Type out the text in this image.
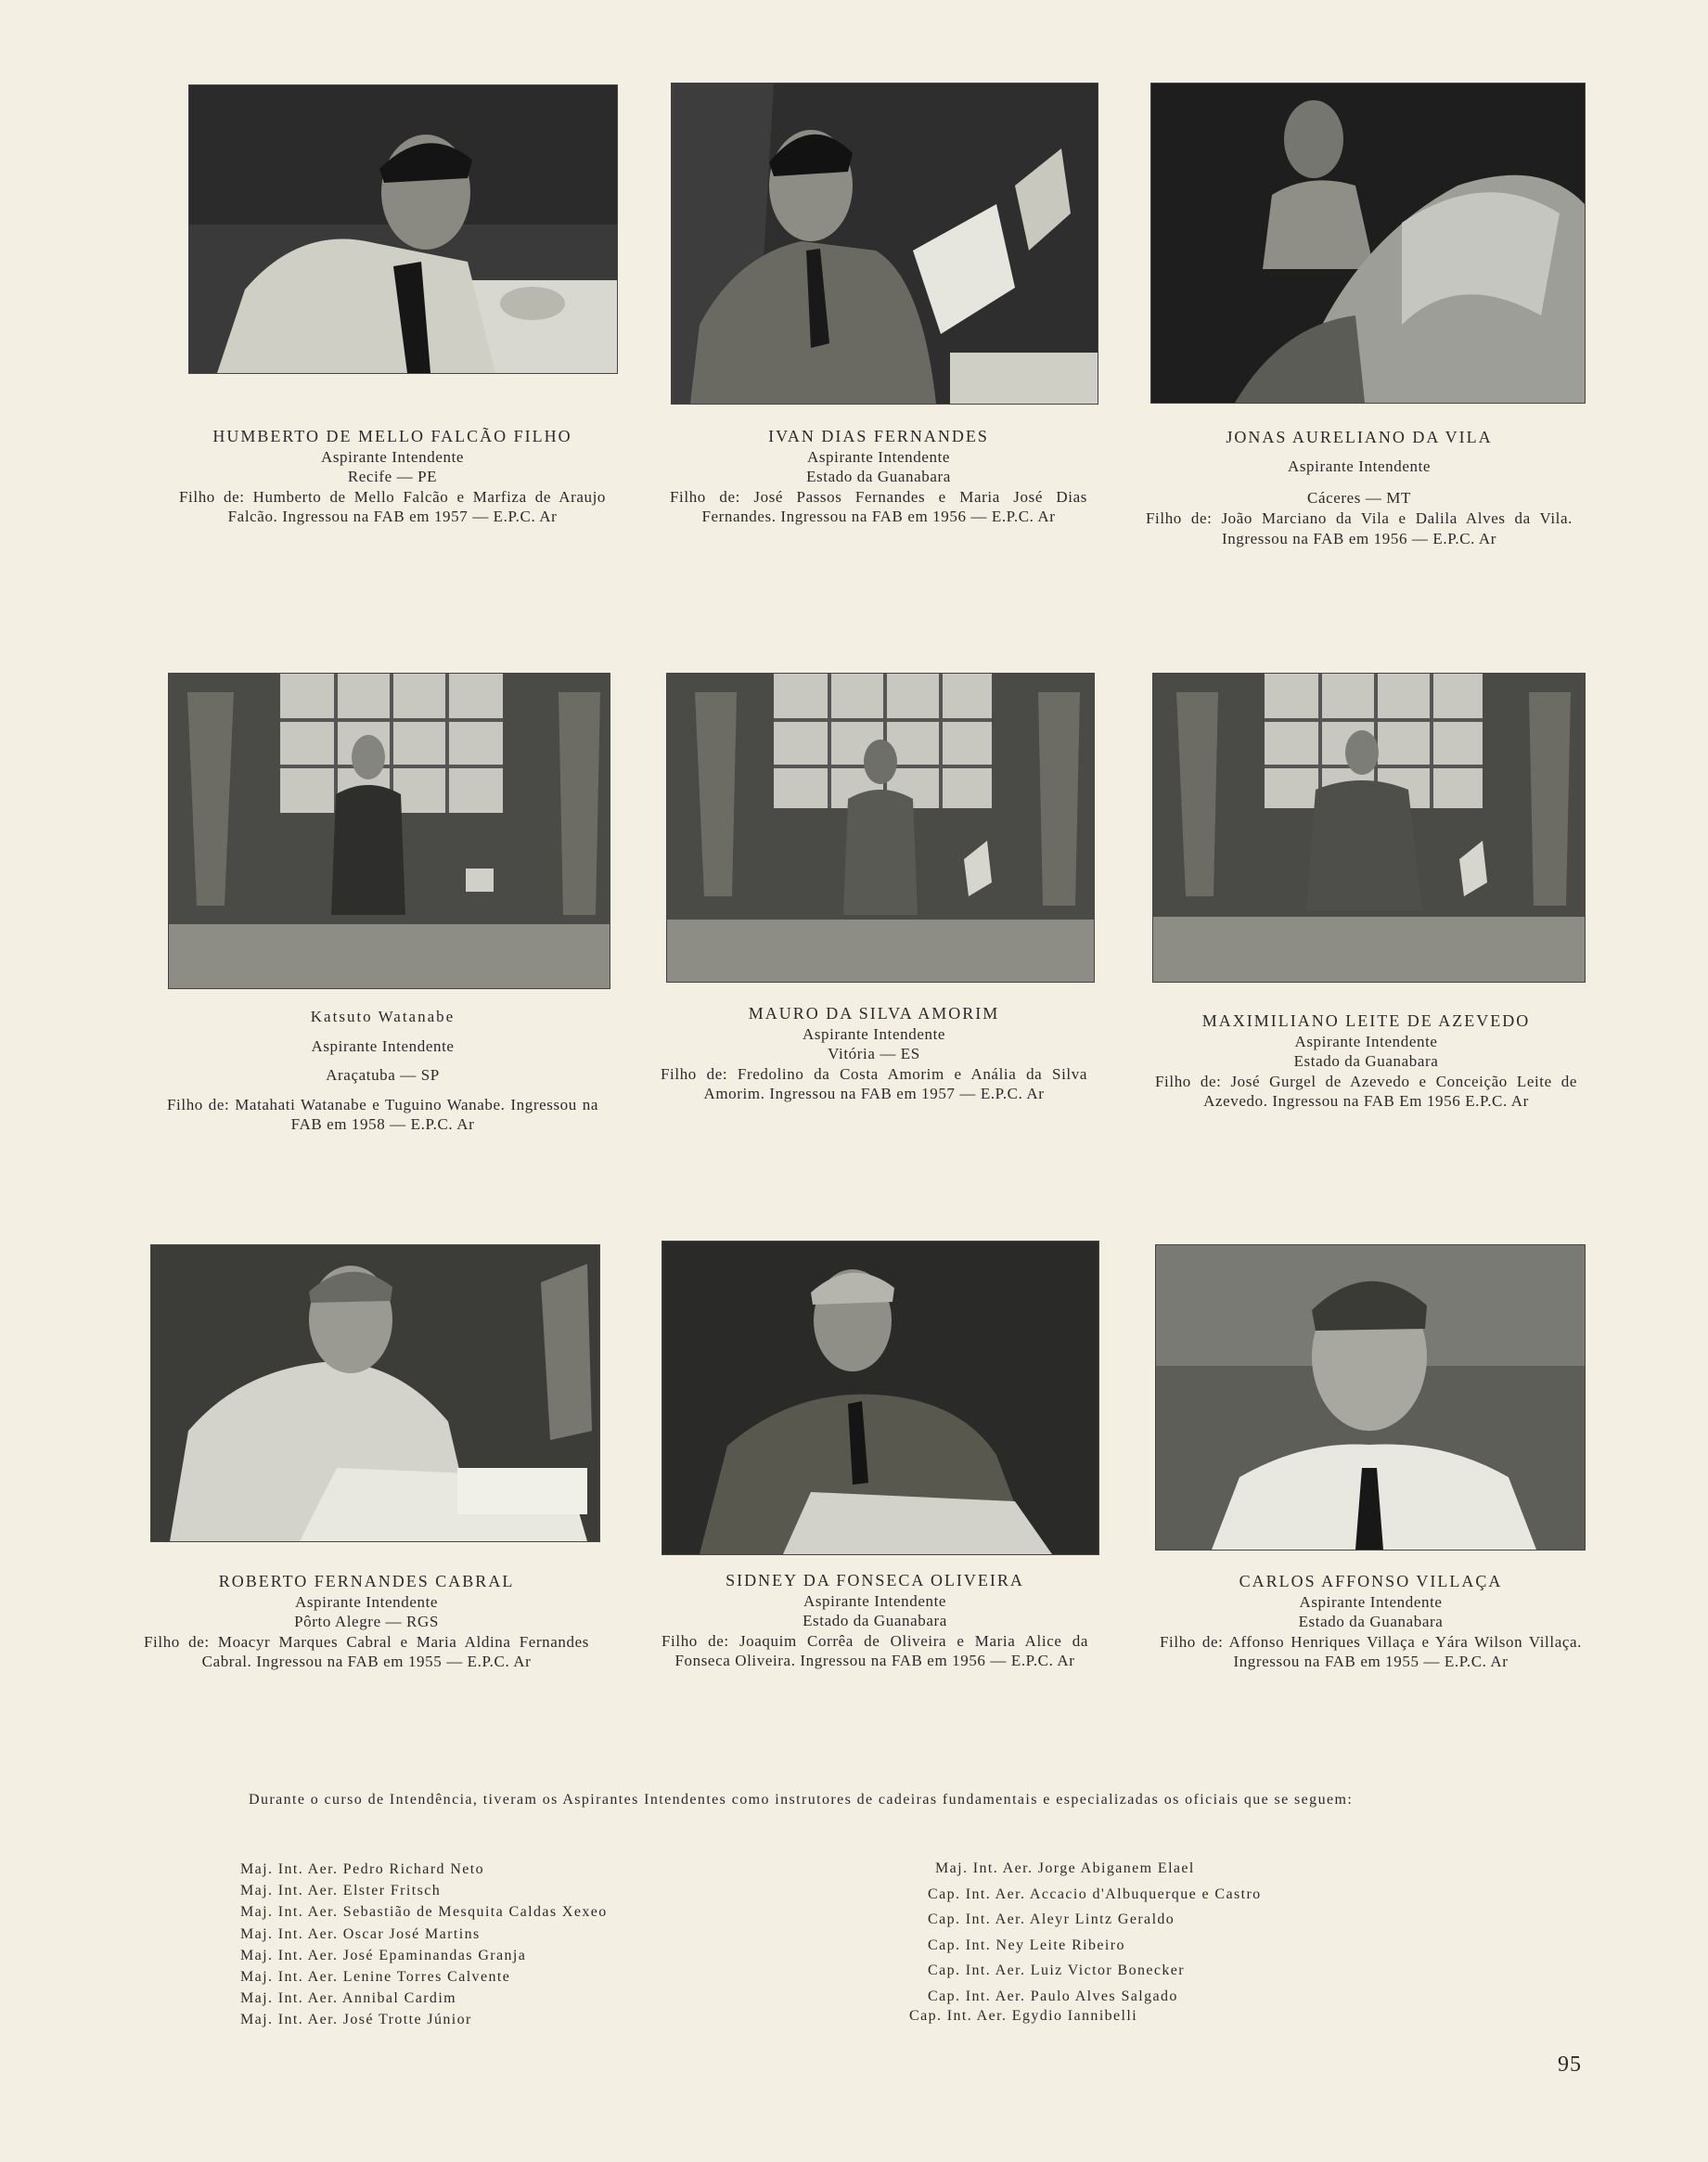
HUMBERTO DE MELLO FALCÃO FILHO
Aspirante Intendente
Recife — PE
Filho de: Humberto de Mello Falcão e Marfiza de Araujo Falcão. Ingressou na FAB em 1957 — E.P.C. Ar
IVAN DIAS FERNANDES
Aspirante Intendente
Estado da Guanabara
Filho de: José Passos Fernandes e Maria José Dias Fernandes. Ingressou na FAB em 1956 — E.P.C. Ar
JONAS AURELIANO DA VILA
Aspirante Intendente
Cáceres — MT
Filho de: João Marciano da Vila e Dalila Alves da Vila. Ingressou na FAB em 1956 — E.P.C. Ar
Katsuto Watanabe
Aspirante Intendente
Araçatuba — SP
Filho de: Matahati Watanabe e Tuguino Wanabe. Ingressou na FAB em 1958 — E.P.C. Ar
MAURO DA SILVA AMORIM
Aspirante Intendente
Vitória — ES
Filho de: Fredolino da Costa Amorim e Anália da Silva Amorim. Ingressou na FAB em 1957 — E.P.C. Ar
MAXIMILIANO LEITE DE AZEVEDO
Aspirante Intendente
Estado da Guanabara
Filho de: José Gurgel de Azevedo e Conceição Leite de Azevedo. Ingressou na FAB Em 1956 E.P.C. Ar
ROBERTO FERNANDES CABRAL
Aspirante Intendente
Pôrto Alegre — RGS
Filho de: Moacyr Marques Cabral e Maria Aldina Fernandes Cabral. Ingressou na FAB em 1955 — E.P.C. Ar
SIDNEY DA FONSECA OLIVEIRA
Aspirante Intendente
Estado da Guanabara
Filho de: Joaquim Corrêa de Oliveira e Maria Alice da Fonseca Oliveira. Ingressou na FAB em 1956 — E.P.C. Ar
CARLOS AFFONSO VILLAÇA
Aspirante Intendente
Estado da Guanabara
Filho de: Affonso Henriques Villaça e Yára Wilson Villaça. Ingressou na FAB em 1955 — E.P.C. Ar
Durante o curso de Intendência, tiveram os Aspirantes Intendentes como instrutores de cadeiras fundamentais e especializadas os oficiais que se seguem:
Maj. Int. Aer. Pedro Richard Neto
Maj. Int. Aer. Elster Fritsch
Maj. Int. Aer. Sebastião de Mesquita Caldas Xexeo
Maj. Int. Aer. Oscar José Martins
Maj. Int. Aer. José Epaminandas Granja
Maj. Int. Aer. Lenine Torres Calvente
Maj. Int. Aer. Annibal Cardim
Maj. Int. Aer. José Trotte Júnior
Maj. Int. Aer. Jorge Abiganem Elael
Cap. Int. Aer. Accacio d'Albuquerque e Castro
Cap. Int. Aer. Aleyr Lintz Geraldo
Cap. Int. Ney Leite Ribeiro
Cap. Int. Aer. Luiz Victor Bonecker
Cap. Int. Aer. Paulo Alves Salgado
Cap. Int. Aer. Egydio Iannibelli
95
